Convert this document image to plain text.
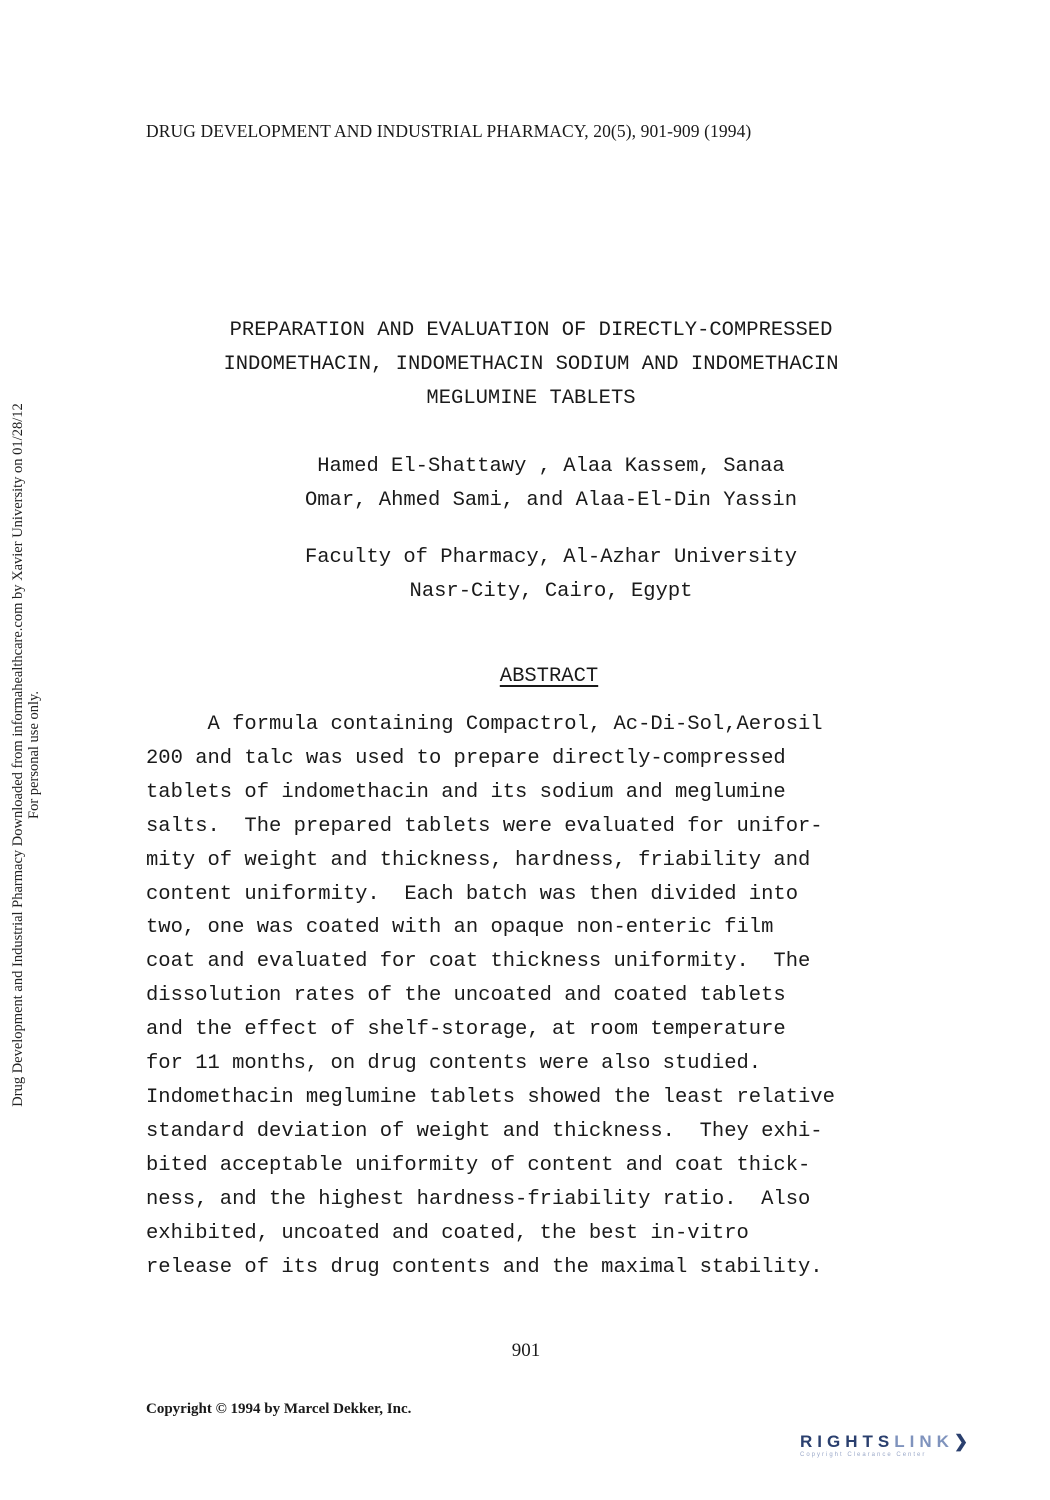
DRUG DEVELOPMENT AND INDUSTRIAL PHARMACY, 20(5), 901-909 (1994)
PREPARATION AND EVALUATION OF DIRECTLY-COMPRESSED
INDOMETHACIN, INDOMETHACIN SODIUM AND INDOMETHACIN
MEGLUMINE TABLETS
Hamed El-Shattawy , Alaa Kassem, Sanaa
Omar, Ahmed Sami, and Alaa-El-Din Yassin
Faculty of Pharmacy, Al-Azhar University
Nasr-City, Cairo, Egypt
ABSTRACT
A formula containing Compactrol, Ac-Di-Sol,Aerosil
200 and talc was used to prepare directly-compressed
tablets of indomethacin and its sodium and meglumine
salts.  The prepared tablets were evaluated for unifor-
mity of weight and thickness, hardness, friability and
content uniformity.  Each batch was then divided into
two, one was coated with an opaque non-enteric film
coat and evaluated for coat thickness uniformity.  The
dissolution rates of the uncoated and coated tablets
and the effect of shelf-storage, at room temperature
for 11 months, on drug contents were also studied.
Indomethacin meglumine tablets showed the least relative
standard deviation of weight and thickness.  They exhi-
bited acceptable uniformity of content and coat thick-
ness, and the highest hardness-friability ratio.  Also
exhibited, uncoated and coated, the best in-vitro
release of its drug contents and the maximal stability.
901
Copyright © 1994 by Marcel Dekker, Inc.
Drug Development and Industrial Pharmacy Downloaded from informahealthcare.com by Xavier University on 01/28/12 For personal use only.
RIGHTSLINK❯
Copyright Clearance Center
